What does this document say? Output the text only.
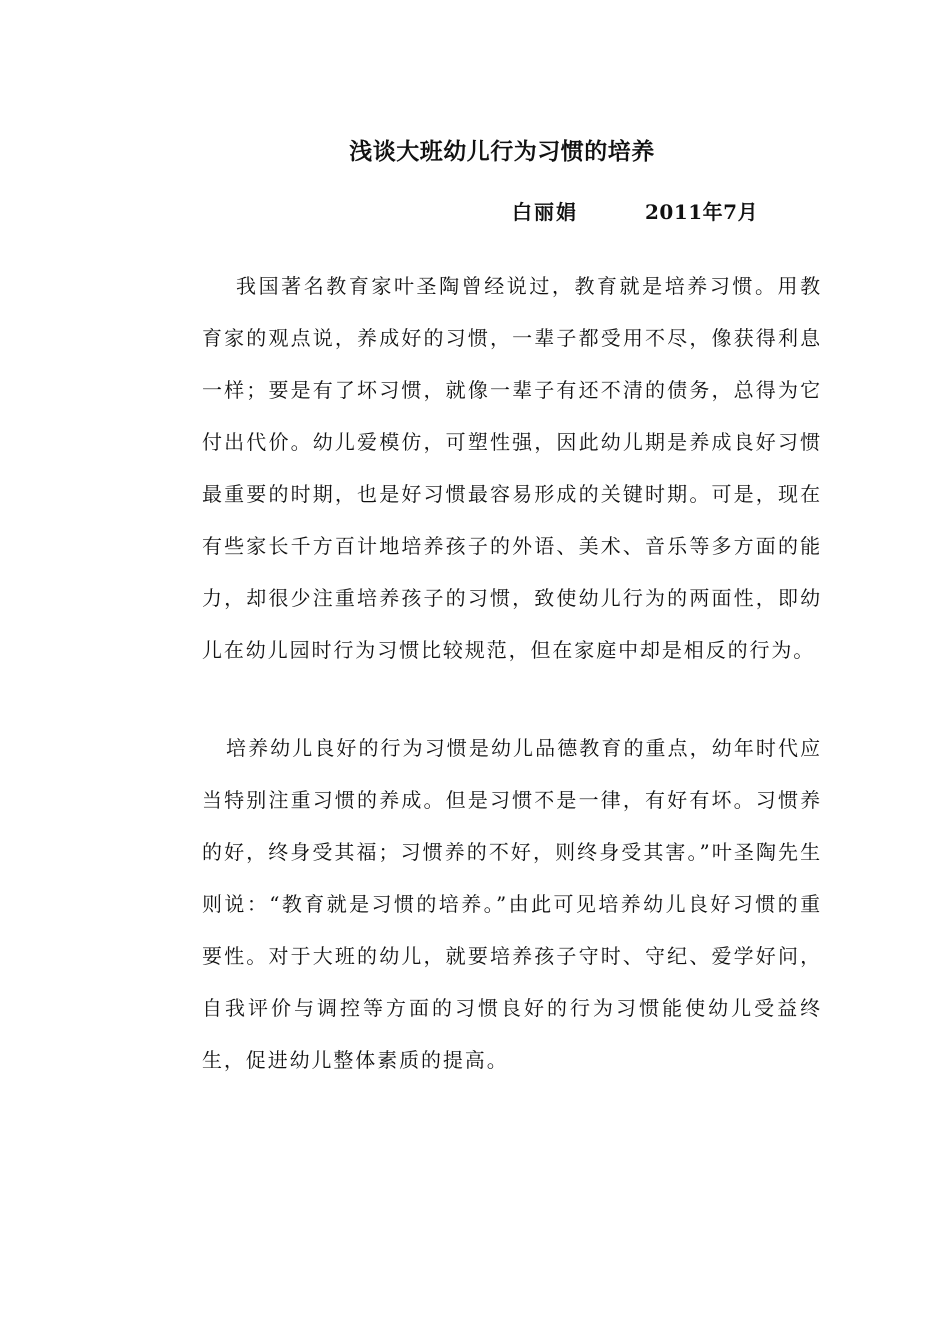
浅谈大班幼儿行为习惯的培养
白丽娟	2011年7月

我国著名教育家叶圣陶曾经说过，教育就是培养习惯。用教育家的观点说，养成好的习惯，一辈子都受用不尽，像获得利息一样；要是有了坏习惯，就像一辈子有还不清的债务，总得为它付出代价。幼儿爱模仿，可塑性强，因此幼儿期是养成良好习惯最重要的时期，也是好习惯最容易形成的关键时期。可是，现在有些家长千方百计地培养孩子的外语、美术、音乐等多方面的能力，却很少注重培养孩子的习惯，致使幼儿行为的两面性，即幼儿在幼儿园时行为习惯比较规范，但在家庭中却是相反的行为。

培养幼儿良好的行为习惯是幼儿品德教育的重点，幼年时代应当特别注重习惯的养成。但是习惯不是一律，有好有坏。习惯养的好，终身受其福；习惯养的不好，则终身受其害。”叶圣陶先生则说：“教育就是习惯的培养。”由此可见培养幼儿良好习惯的重要性。对于大班的幼儿，就要培养孩子守时、守纪、爱学好问，自我评价与调控等方面的习惯良好的行为习惯能使幼儿受益终生，促进幼儿整体素质的提高。
